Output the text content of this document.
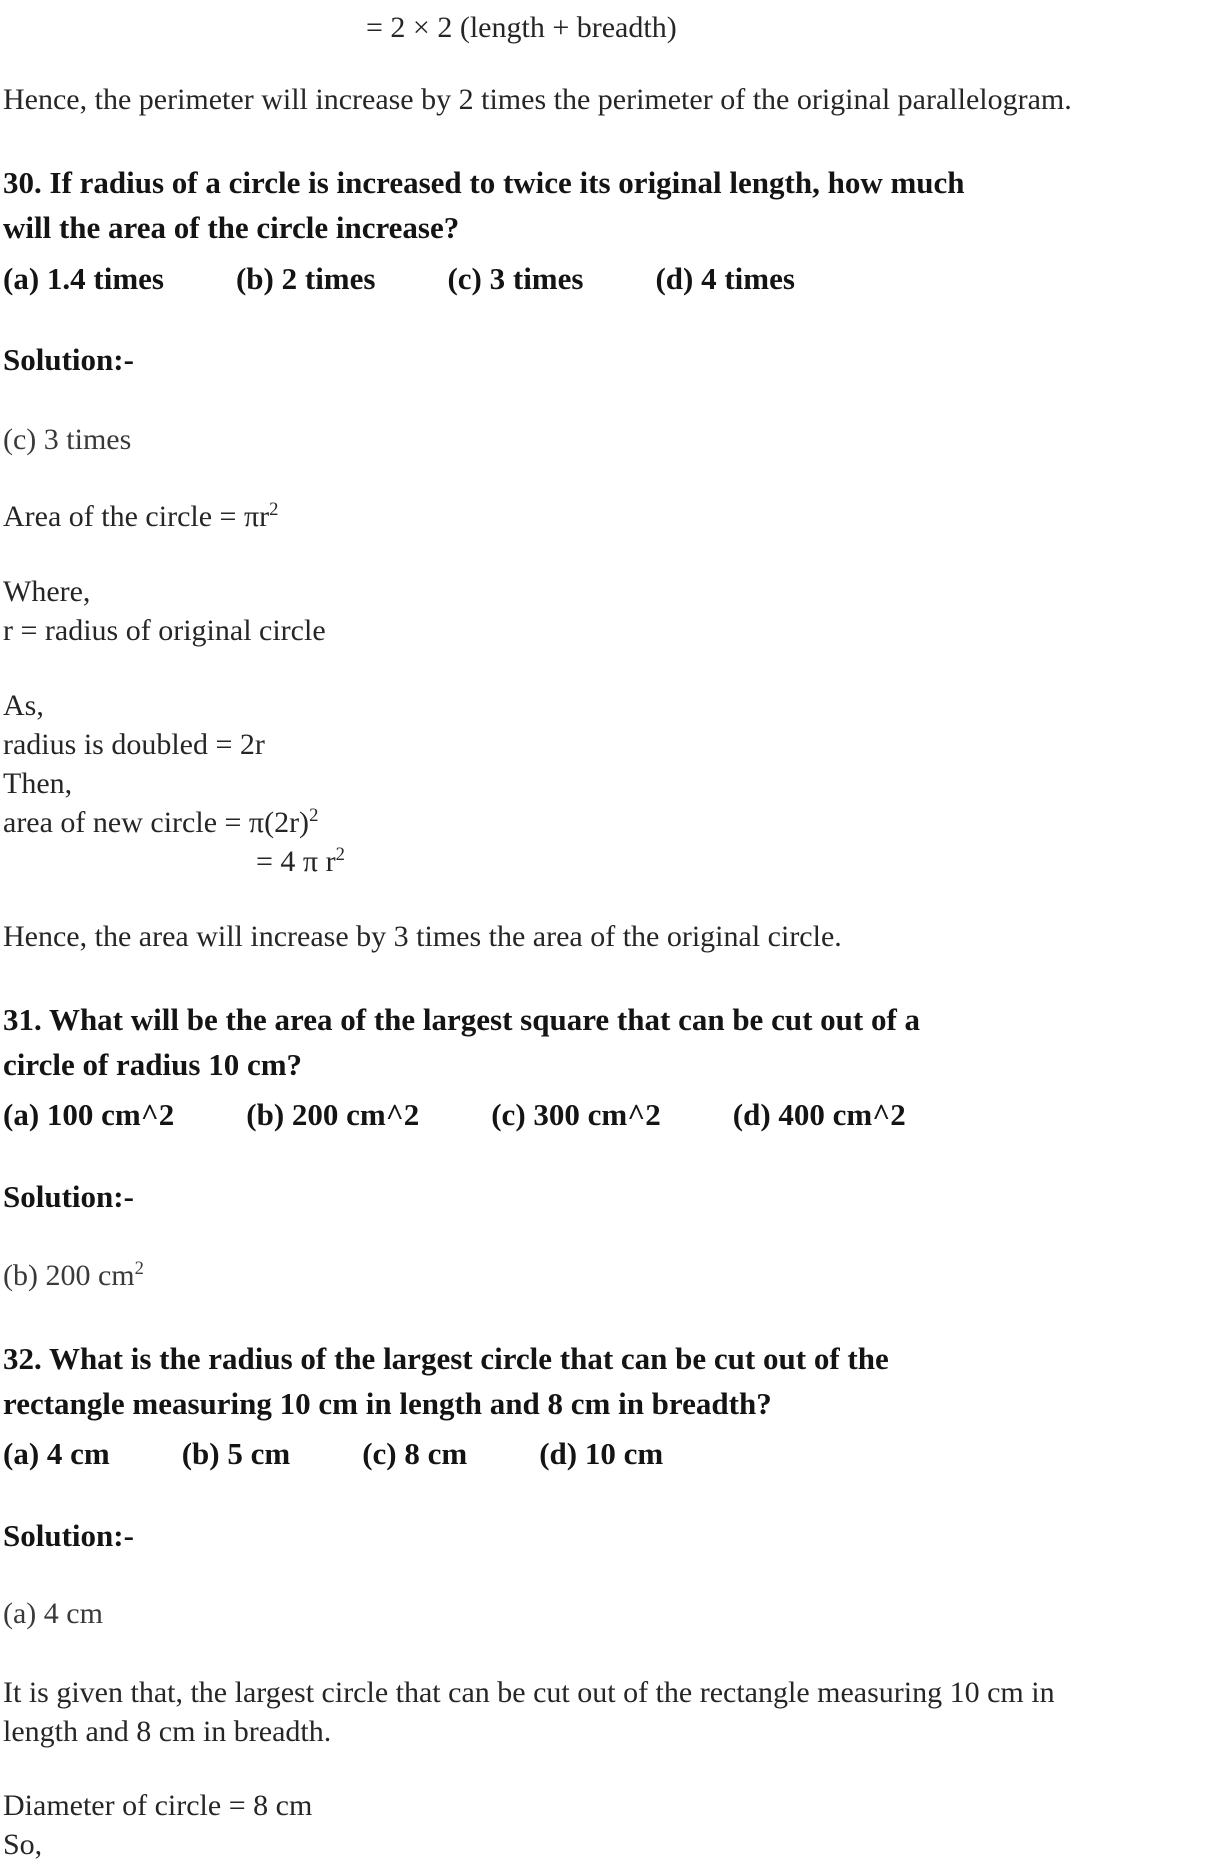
= 2 × 2 (length + breadth)
Hence, the perimeter will increase by 2 times the perimeter of the original parallelogram.
30. If radius of a circle is increased to twice its original length, how much
will the area of the circle increase?
(a) 1.4 times (b) 2 times (c) 3 times (d) 4 times
Solution:-
(c) 3 times
Area of the circle = $\pi r^2$
Where,
r = radius of original circle
As,
radius is doubled = 2r
Then,
area of new circle = $\pi(2r)^2$
= 4 π $r^2$
Hence, the area will increase by 3 times the area of the original circle.
31. What will be the area of the largest square that can be cut out of a
circle of radius 10 cm?
(a) 100 cm^2 (b) 200 cm^2 (c) 300 cm^2 (d) 400 cm^2
Solution:-
(b) 200 $cm^2$
32. What is the radius of the largest circle that can be cut out of the
rectangle measuring 10 cm in length and 8 cm in breadth?
(a) 4 cm (b) 5 cm (c) 8 cm (d) 10 cm
Solution:-
(a) 4 cm
It is given that, the largest circle that can be cut out of the rectangle measuring 10 cm in
length and 8 cm in breadth.
Diameter of circle = 8 cm
So,
